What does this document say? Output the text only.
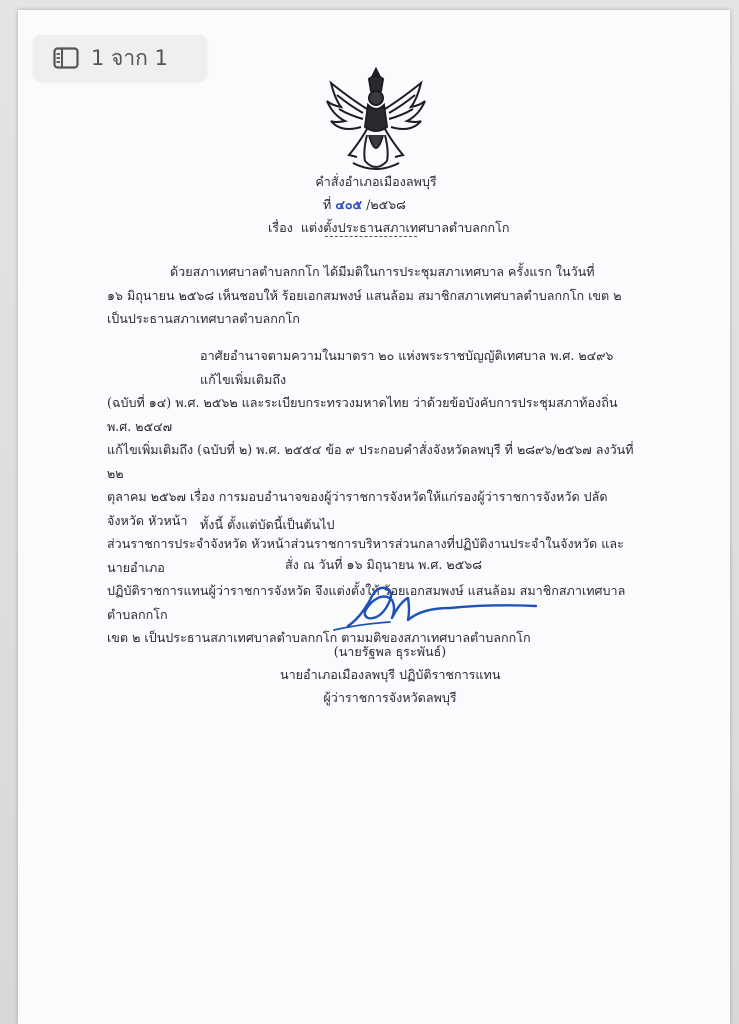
1 จาก 1
คำสั่งอำเภอเมืองลพบุรี
ที่ ๔๐๕ /๒๕๖๘
เรื่อง แต่งตั้งประธานสภาเทศบาลตำบลกกโก
ด้วยสภาเทศบาลตำบลกกโก ได้มีมติในการประชุมสภาเทศบาล ครั้งแรก ในวันที่
๑๖ มิถุนายน ๒๕๖๘ เห็นชอบให้ ร้อยเอกสมพงษ์ แสนล้อม สมาชิกสภาเทศบาลตำบลกกโก เขต ๒
เป็นประธานสภาเทศบาลตำบลกกโก
อาศัยอำนาจตามความในมาตรา ๒๐ แห่งพระราชบัญญัติเทศบาล พ.ศ. ๒๔๙๖ แก้ไขเพิ่มเติมถึง
(ฉบับที่ ๑๔) พ.ศ. ๒๕๖๒ และระเบียบกระทรวงมหาดไทย ว่าด้วยข้อบังคับการประชุมสภาท้องถิ่น พ.ศ. ๒๕๔๗
แก้ไขเพิ่มเติมถึง (ฉบับที่ ๒) พ.ศ. ๒๕๕๔ ข้อ ๙ ประกอบคำสั่งจังหวัดลพบุรี ที่ ๒๘๙๖/๒๕๖๗ ลงวันที่ ๒๒
ตุลาคม ๒๕๖๗ เรื่อง การมอบอำนาจของผู้ว่าราชการจังหวัดให้แก่รองผู้ว่าราชการจังหวัด ปลัดจังหวัด หัวหน้า
ส่วนราชการประจำจังหวัด หัวหน้าส่วนราชการบริหารส่วนกลางที่ปฏิบัติงานประจำในจังหวัด และนายอำเภอ
ปฏิบัติราชการแทนผู้ว่าราชการจังหวัด จึงแต่งตั้งให้ ร้อยเอกสมพงษ์ แสนล้อม สมาชิกสภาเทศบาลตำบลกกโก
เขต ๒ เป็นประธานสภาเทศบาลตำบลกกโก ตามมติของสภาเทศบาลตำบลกกโก
ทั้งนี้ ตั้งแต่บัดนี้เป็นต้นไป
สั่ง ณ วันที่ ๑๖ มิถุนายน พ.ศ. ๒๕๖๘
(นายรัฐพล ธุระพันธ์)
นายอำเภอเมืองลพบุรี ปฏิบัติราชการแทน
ผู้ว่าราชการจังหวัดลพบุรี
